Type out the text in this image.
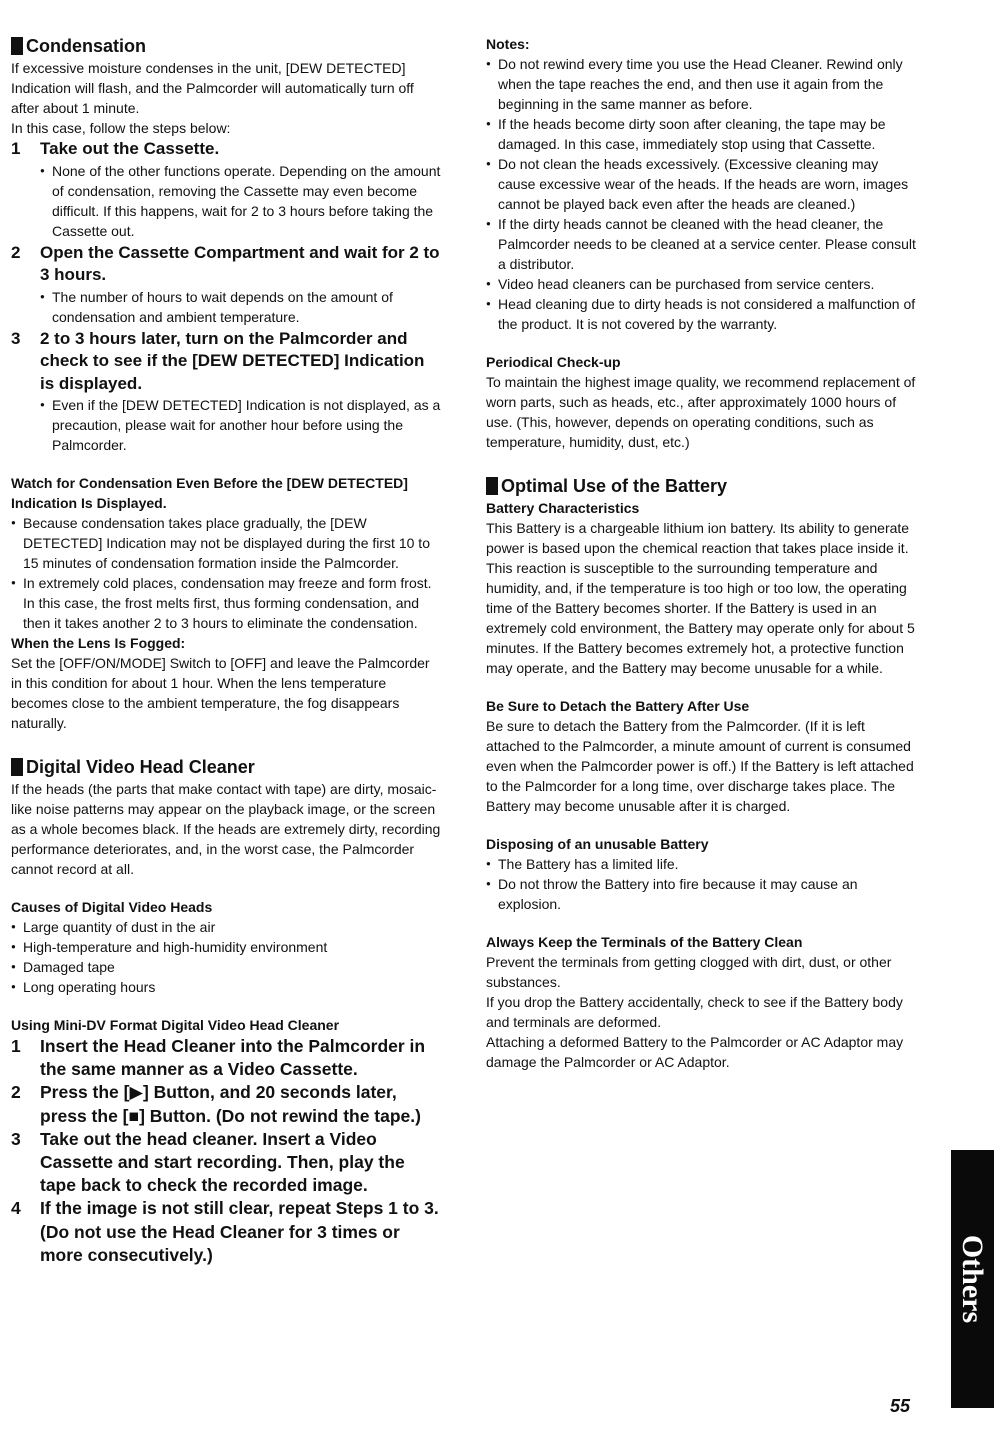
Condensation

If excessive moisture condenses in the unit, [DEW DETECTED] Indication will flash, and the Palmcorder will automatically turn off after about 1 minute.

In this case, follow the steps below:

1	Take out the Cassette.
● None of the other functions operate. Depending on the amount of condensation, removing the Cassette may even become difficult. If this happens, wait for 2 to 3 hours before taking the Cassette out.
2	Open the Cassette Compartment and wait for 2 to 3 hours.
● The number of hours to wait depends on the amount of condensation and ambient temperature.
3	2 to 3 hours later, turn on the Palmcorder and check to see if the [DEW DETECTED] Indication is displayed.
● Even if the [DEW DETECTED] Indication is not displayed, as a precaution, please wait for another hour before using the Palmcorder.
Watch for Condensation Even Before the [DEW DETECTED] Indication Is Displayed.
● Because condensation takes place gradually, the [DEW DETECTED] Indication may not be displayed during the first 10 to 15 minutes of condensation formation inside the Palmcorder.
● In extremely cold places, condensation may freeze and form frost. In this case, the frost melts first, thus forming condensation, and then it takes another 2 to 3 hours to eliminate the condensation.
When the Lens Is Fogged:

Set the [OFF/ON/MODE] Switch to [OFF] and leave the Palmcorder in this condition for about 1 hour. When the lens temperature becomes close to the ambient temperature, the fog disappears naturally.

Digital Video Head Cleaner

If the heads (the parts that make contact with tape) are dirty, mosaic-like noise patterns may appear on the playback image, or the screen as a whole becomes black. If the heads are extremely dirty, recording performance deteriorates, and, in the worst case, the Palmcorder cannot record at all.

Causes of Digital Video Heads
● Large quantity of dust in the air
● High-temperature and high-humidity environment
● Damaged tape
● Long operating hours
Using Mini-DV Format Digital Video Head Cleaner
1	Insert the Head Cleaner into the Palmcorder in the same manner as a Video Cassette.
2	Press the [▶] Button, and 20 seconds later, press the [■] Button. (Do not rewind the tape.)
3	Take out the head cleaner. Insert a Video Cassette and start recording. Then, play the tape back to check the recorded image.
4	If the image is not still clear, repeat Steps 1 to 3. (Do not use the Head Cleaner for 3 times or more consecutively.)
Notes:
● Do not rewind every time you use the Head Cleaner. Rewind only when the tape reaches the end, and then use it again from the beginning in the same manner as before.
● If the heads become dirty soon after cleaning, the tape may be damaged. In this case, immediately stop using that Cassette.
● Do not clean the heads excessively. (Excessive cleaning may cause excessive wear of the heads. If the heads are worn, images cannot be played back even after the heads are cleaned.)
● If the dirty heads cannot be cleaned with the head cleaner, the Palmcorder needs to be cleaned at a service center. Please consult a distributor.
● Video head cleaners can be purchased from service centers.
● Head cleaning due to dirty heads is not considered a malfunction of the product. It is not covered by the warranty.
Periodical Check-up

To maintain the highest image quality, we recommend replacement of worn parts, such as heads, etc., after approximately 1000 hours of use. (This, however, depends on operating conditions, such as temperature, humidity, dust, etc.)

Optimal Use of the Battery
Battery Characteristics

This Battery is a chargeable lithium ion battery. Its ability to generate power is based upon the chemical reaction that takes place inside it. This reaction is susceptible to the surrounding temperature and humidity, and, if the temperature is too high or too low, the operating time of the Battery becomes shorter. If the Battery is used in an extremely cold environment, the Battery may operate only for about 5 minutes. If the Battery becomes extremely hot, a protective function may operate, and the Battery may become unusable for a while.

Be Sure to Detach the Battery After Use

Be sure to detach the Battery from the Palmcorder. (If it is left attached to the Palmcorder, a minute amount of current is consumed even when the Palmcorder power is off.) If the Battery is left attached to the Palmcorder for a long time, over discharge takes place. The Battery may become unusable after it is charged.

Disposing of an unusable Battery
● The Battery has a limited life.
● Do not throw the Battery into fire because it may cause an explosion.
Always Keep the Terminals of the Battery Clean

Prevent the terminals from getting clogged with dirt, dust, or other substances.

If you drop the Battery accidentally, check to see if the Battery body and terminals are deformed.

Attaching a deformed Battery to the Palmcorder or AC Adaptor may damage the Palmcorder or AC Adaptor.

Others
55
